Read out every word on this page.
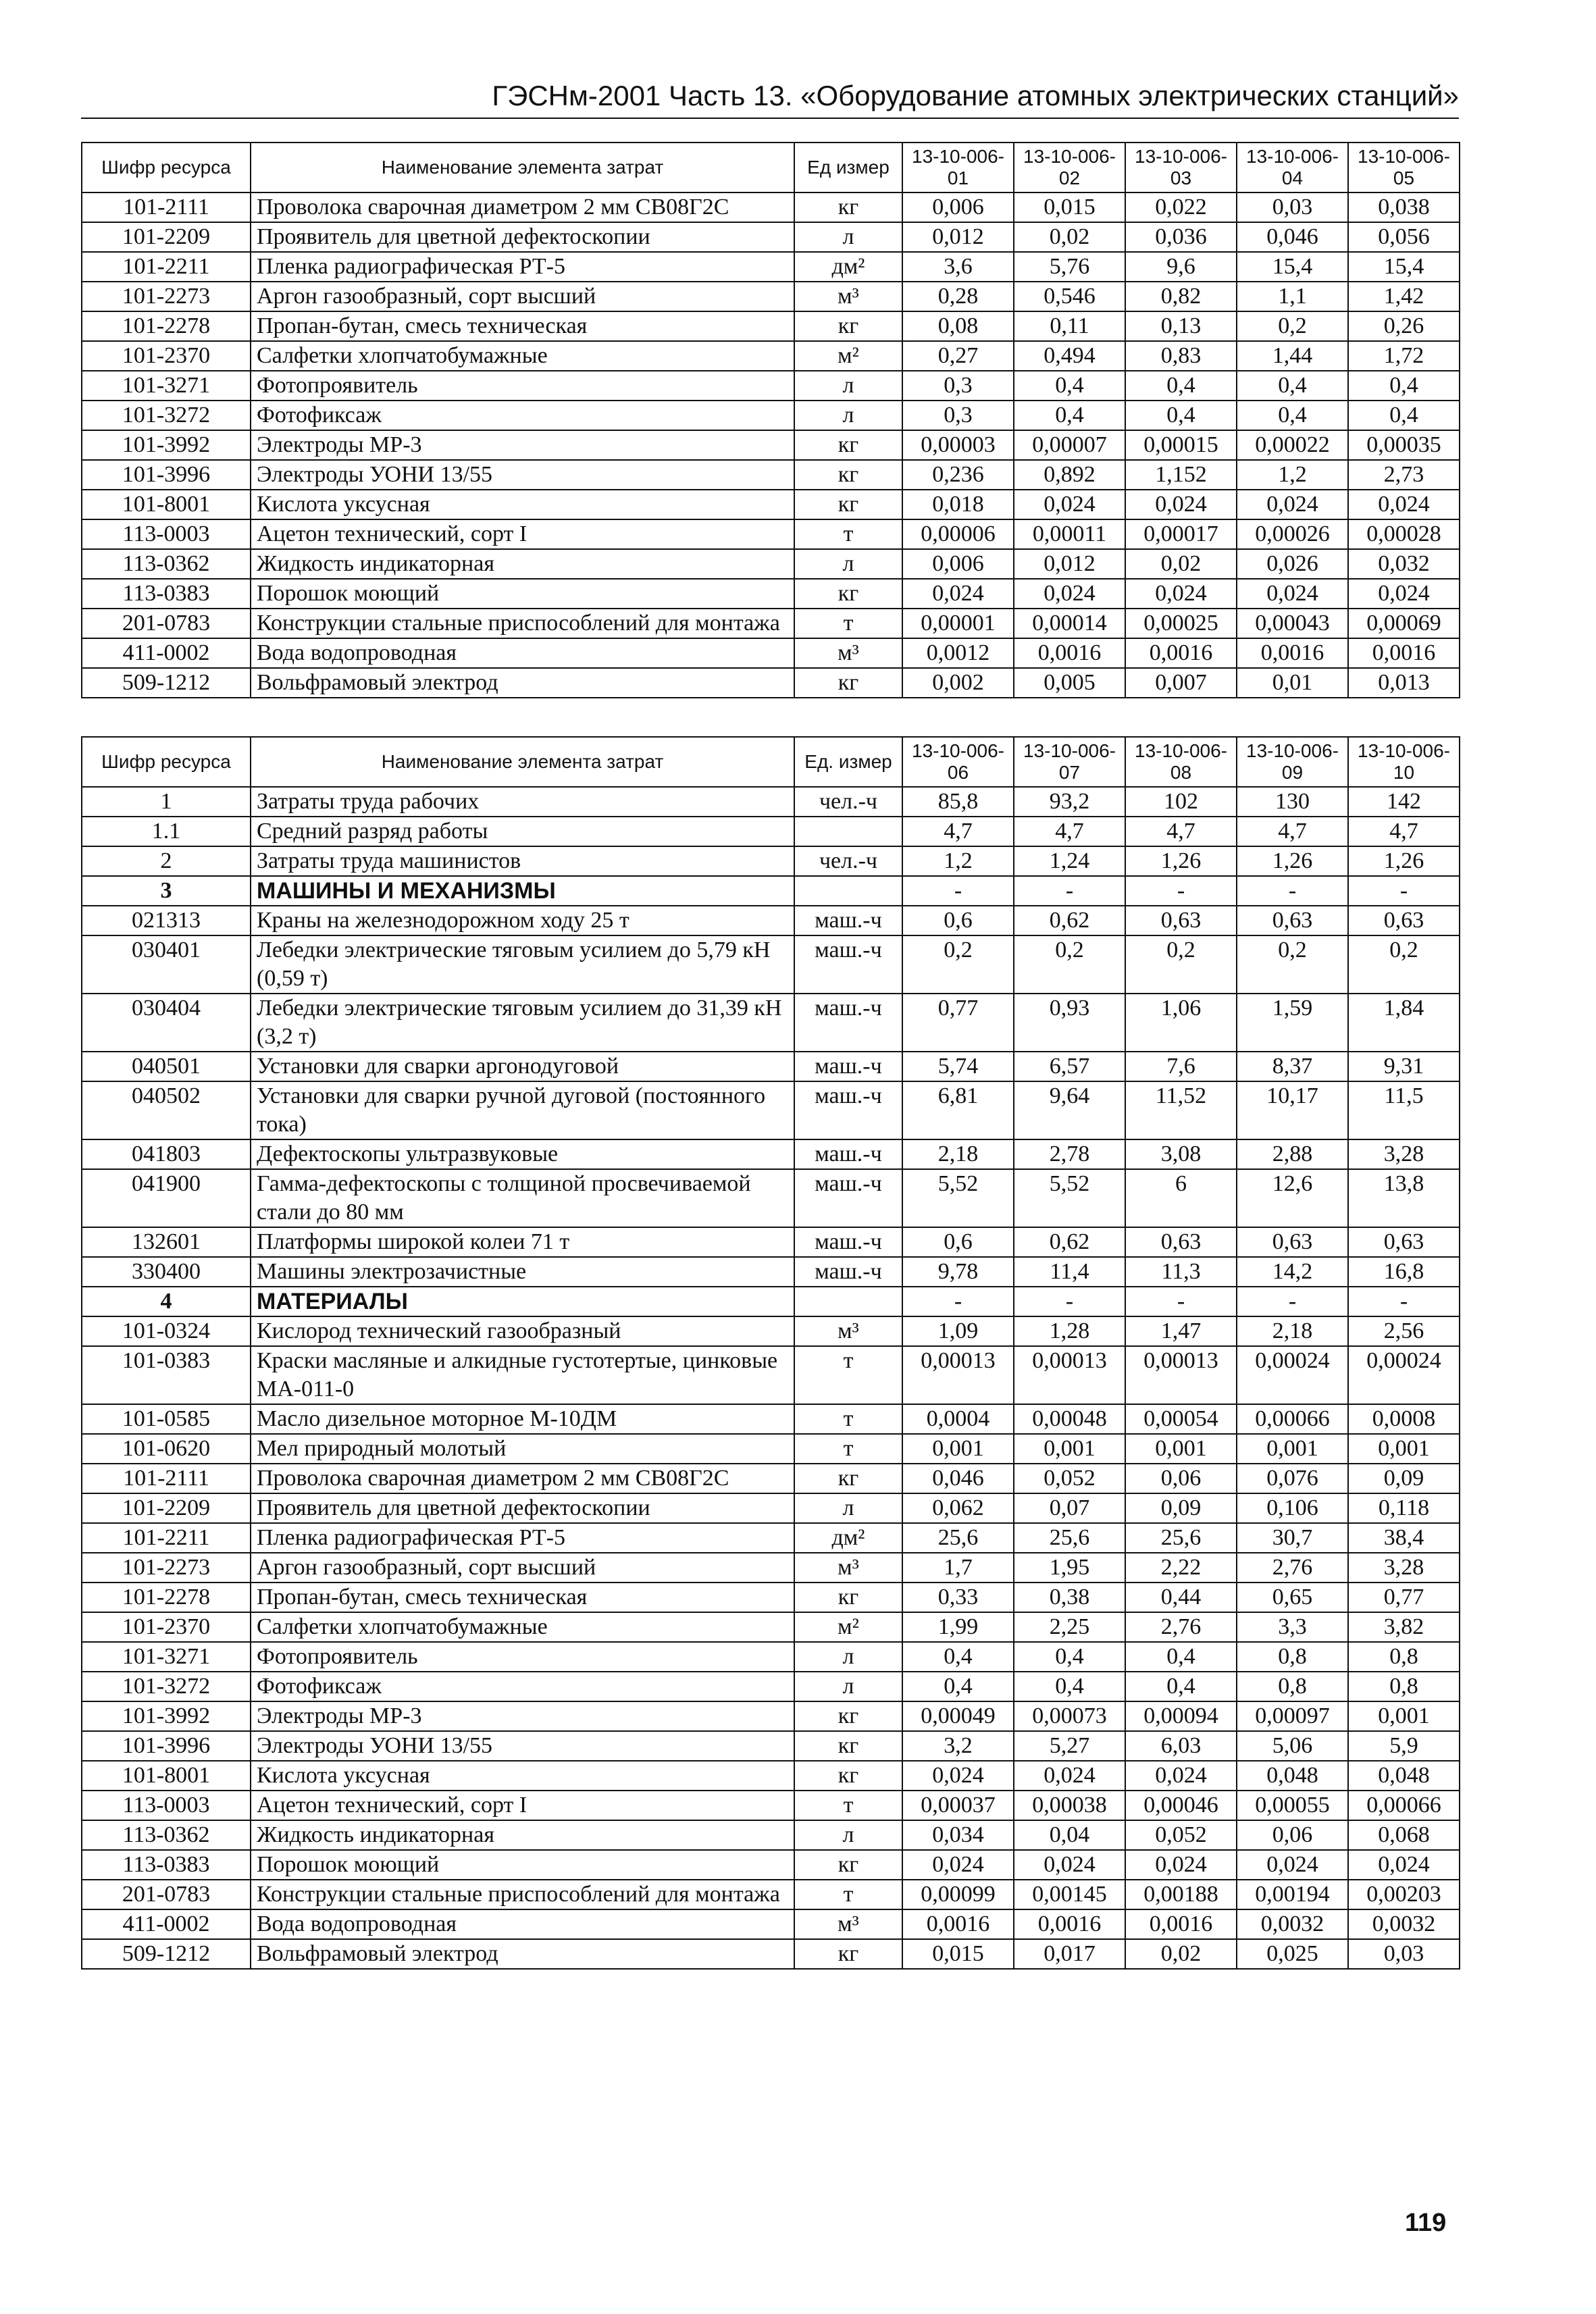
ГЭСНм-2001 Часть 13. «Оборудование атомных электрических станций»
Шифр ресурса	Наименование элемента затрат	Ед измер	13-10-006-01	13-10-006-02	13-10-006-03	13-10-006-04	13-10-006-05
101-2111	Проволока сварочная диаметром 2 мм СВ08Г2С	кг	0,006	0,015	0,022	0,03	0,038
101-2209	Проявитель для цветной дефектоскопии	л	0,012	0,02	0,036	0,046	0,056
101-2211	Пленка радиографическая РТ-5	дм²	3,6	5,76	9,6	15,4	15,4
101-2273	Аргон газообразный, сорт высший	м³	0,28	0,546	0,82	1,1	1,42
101-2278	Пропан-бутан, смесь техническая	кг	0,08	0,11	0,13	0,2	0,26
101-2370	Салфетки хлопчатобумажные	м²	0,27	0,494	0,83	1,44	1,72
101-3271	Фотопроявитель	л	0,3	0,4	0,4	0,4	0,4
101-3272	Фотофиксаж	л	0,3	0,4	0,4	0,4	0,4
101-3992	Электроды МР-3	кг	0,00003	0,00007	0,00015	0,00022	0,00035
101-3996	Электроды УОНИ 13/55	кг	0,236	0,892	1,152	1,2	2,73
101-8001	Кислота уксусная	кг	0,018	0,024	0,024	0,024	0,024
113-0003	Ацетон технический, сорт I	т	0,00006	0,00011	0,00017	0,00026	0,00028
113-0362	Жидкость индикаторная	л	0,006	0,012	0,02	0,026	0,032
113-0383	Порошок моющий	кг	0,024	0,024	0,024	0,024	0,024
201-0783	Конструкции стальные приспособлений для монтажа	т	0,00001	0,00014	0,00025	0,00043	0,00069
411-0002	Вода водопроводная	м³	0,0012	0,0016	0,0016	0,0016	0,0016
509-1212	Вольфрамовый электрод	кг	0,002	0,005	0,007	0,01	0,013
Шифр ресурса	Наименование элемента затрат	Ед. измер	13-10-006-06	13-10-006-07	13-10-006-08	13-10-006-09	13-10-006-10
1	Затраты труда рабочих	чел.-ч	85,8	93,2	102	130	142
1.1	Средний разряд работы		4,7	4,7	4,7	4,7	4,7
2	Затраты труда машинистов	чел.-ч	1,2	1,24	1,26	1,26	1,26
3	МАШИНЫ И МЕХАНИЗМЫ		-	-	-	-	-
021313	Краны на железнодорожном ходу 25 т	маш.-ч	0,6	0,62	0,63	0,63	0,63
030401	Лебедки электрические тяговым усилием до 5,79 кН (0,59 т)	маш.-ч	0,2	0,2	0,2	0,2	0,2
030404	Лебедки электрические тяговым усилием до 31,39 кН (3,2 т)	маш.-ч	0,77	0,93	1,06	1,59	1,84
040501	Установки для сварки аргонодуговой	маш.-ч	5,74	6,57	7,6	8,37	9,31
040502	Установки для сварки ручной дуговой (постоянного тока)	маш.-ч	6,81	9,64	11,52	10,17	11,5
041803	Дефектоскопы ультразвуковые	маш.-ч	2,18	2,78	3,08	2,88	3,28
041900	Гамма-дефектоскопы с толщиной просвечиваемой стали до 80 мм	маш.-ч	5,52	5,52	6	12,6	13,8
132601	Платформы широкой колеи 71 т	маш.-ч	0,6	0,62	0,63	0,63	0,63
330400	Машины электрозачистные	маш.-ч	9,78	11,4	11,3	14,2	16,8
4	МАТЕРИАЛЫ		-	-	-	-	-
101-0324	Кислород технический газообразный	м³	1,09	1,28	1,47	2,18	2,56
101-0383	Краски масляные и алкидные густотертые, цинковые МА-011-0	т	0,00013	0,00013	0,00013	0,00024	0,00024
101-0585	Масло дизельное моторное М-10ДМ	т	0,0004	0,00048	0,00054	0,00066	0,0008
101-0620	Мел природный молотый	т	0,001	0,001	0,001	0,001	0,001
101-2111	Проволока сварочная диаметром 2 мм СВ08Г2С	кг	0,046	0,052	0,06	0,076	0,09
101-2209	Проявитель для цветной дефектоскопии	л	0,062	0,07	0,09	0,106	0,118
101-2211	Пленка радиографическая РТ-5	дм²	25,6	25,6	25,6	30,7	38,4
101-2273	Аргон газообразный, сорт высший	м³	1,7	1,95	2,22	2,76	3,28
101-2278	Пропан-бутан, смесь техническая	кг	0,33	0,38	0,44	0,65	0,77
101-2370	Салфетки хлопчатобумажные	м²	1,99	2,25	2,76	3,3	3,82
101-3271	Фотопроявитель	л	0,4	0,4	0,4	0,8	0,8
101-3272	Фотофиксаж	л	0,4	0,4	0,4	0,8	0,8
101-3992	Электроды МР-3	кг	0,00049	0,00073	0,00094	0,00097	0,001
101-3996	Электроды УОНИ 13/55	кг	3,2	5,27	6,03	5,06	5,9
101-8001	Кислота уксусная	кг	0,024	0,024	0,024	0,048	0,048
113-0003	Ацетон технический, сорт I	т	0,00037	0,00038	0,00046	0,00055	0,00066
113-0362	Жидкость индикаторная	л	0,034	0,04	0,052	0,06	0,068
113-0383	Порошок моющий	кг	0,024	0,024	0,024	0,024	0,024
201-0783	Конструкции стальные приспособлений для монтажа	т	0,00099	0,00145	0,00188	0,00194	0,00203
411-0002	Вода водопроводная	м³	0,0016	0,0016	0,0016	0,0032	0,0032
509-1212	Вольфрамовый электрод	кг	0,015	0,017	0,02	0,025	0,03
119
